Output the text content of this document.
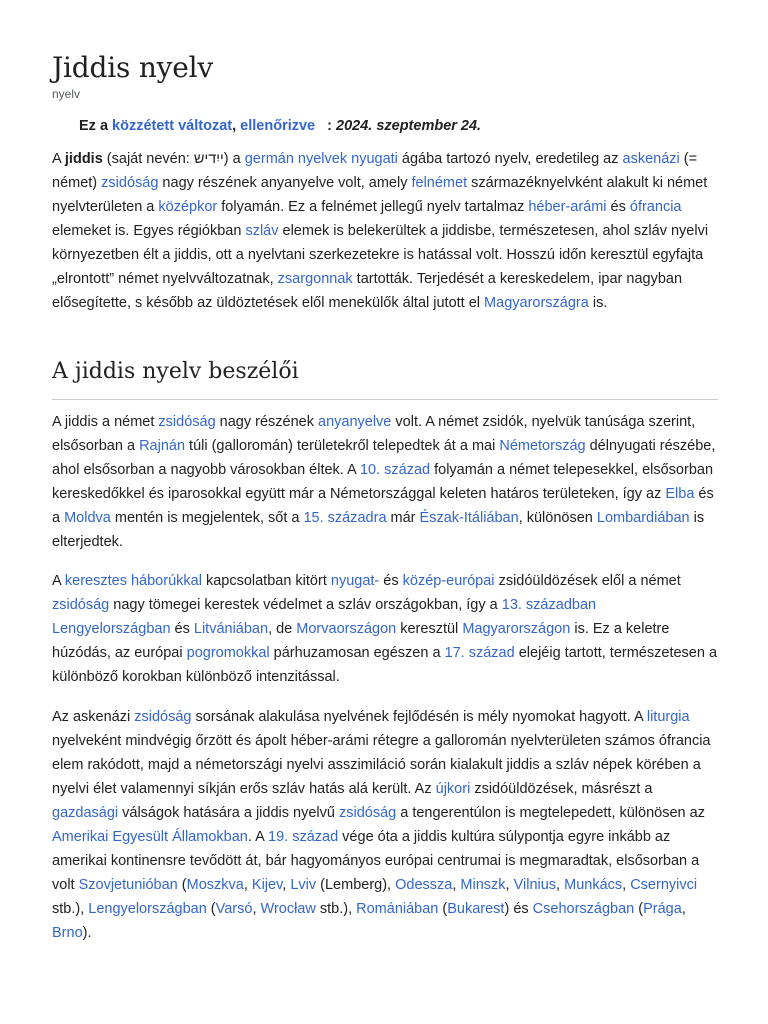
Jiddis nyelv
nyelv
Ez a közzétett változat, ellenőrizve : 2024. szeptember 24.

A jiddis (saját nevén: ייִדיש) a germán nyelvek nyugati ágába tartozó nyelv, eredetileg az askenázi (= német) zsidóság nagy részének anyanyelve volt, amely felnémet származéknyelvként alakult ki német nyelvterületen a középkor folyamán. Ez a felnémet jellegű nyelv tartalmaz héber-arámi és ófrancia elemeket is. Egyes régiókban szláv elemek is belekerültek a jiddisbe, természetesen, ahol szláv nyelvi környezetben élt a jiddis, ott a nyelvtani szerkezetekre is hatással volt. Hosszú időn keresztül egyfajta „elrontott” német nyelvváltozatnak, zsargonnak tartották. Terjedését a kereskedelem, ipar nagyban elősegítette, s később az üldöztetések elől menekülők által jutott el Magyarországra is.

A jiddis nyelv beszélői

A jiddis a német zsidóság nagy részének anyanyelve volt. A német zsidók, nyelvük tanúsága szerint, elsősorban a Rajnán túli (galloromán) területekről telepedtek át a mai Németország délnyugati részébe, ahol elsősorban a nagyobb városokban éltek. A 10. század folyamán a német telepesekkel, elsősorban kereskedőkkel és iparosokkal együtt már a Németországgal keleten határos területeken, így az Elba és a Moldva mentén is megjelentek, sőt a 15. századra már Észak-Itáliában, különösen Lombardiában is elterjedtek.

A keresztes háborúkkal kapcsolatban kitört nyugat- és közép-európai zsidóüldözések elől a német zsidóság nagy tömegei kerestek védelmet a szláv országokban, így a 13. században Lengyelországban és Litvániában, de Morvaországon keresztül Magyarországon is. Ez a keletre húzódás, az európai pogromokkal párhuzamosan egészen a 17. század elejéig tartott, természetesen a különböző korokban különböző intenzitással.

Az askenázi zsidóság sorsának alakulása nyelvének fejlődésén is mély nyomokat hagyott. A liturgia nyelveként mindvégig őrzött és ápolt héber-arámi rétegre a galloromán nyelvterületen számos ófrancia elem rakódott, majd a németországi nyelvi asszimiláció során kialakult jiddis a szláv népek körében a nyelvi élet valamennyi síkján erős szláv hatás alá került. Az újkori zsidóüldözések, másrészt a gazdasági válságok hatására a jiddis nyelvű zsidóság a tengerentúlon is megtelepedett, különösen az Amerikai Egyesült Államokban. A 19. század vége óta a jiddis kultúra súlypontja egyre inkább az amerikai kontinensre tevődött át, bár hagyományos európai centrumai is megmaradtak, elsősorban a volt Szovjetunióban (Moszkva, Kijev, Lviv (Lemberg), Odessza, Minszk, Vilnius, Munkács, Csernyivci stb.), Lengyelországban (Varsó, Wrocław stb.), Romániában (Bukarest) és Csehországban (Prága, Brno).
